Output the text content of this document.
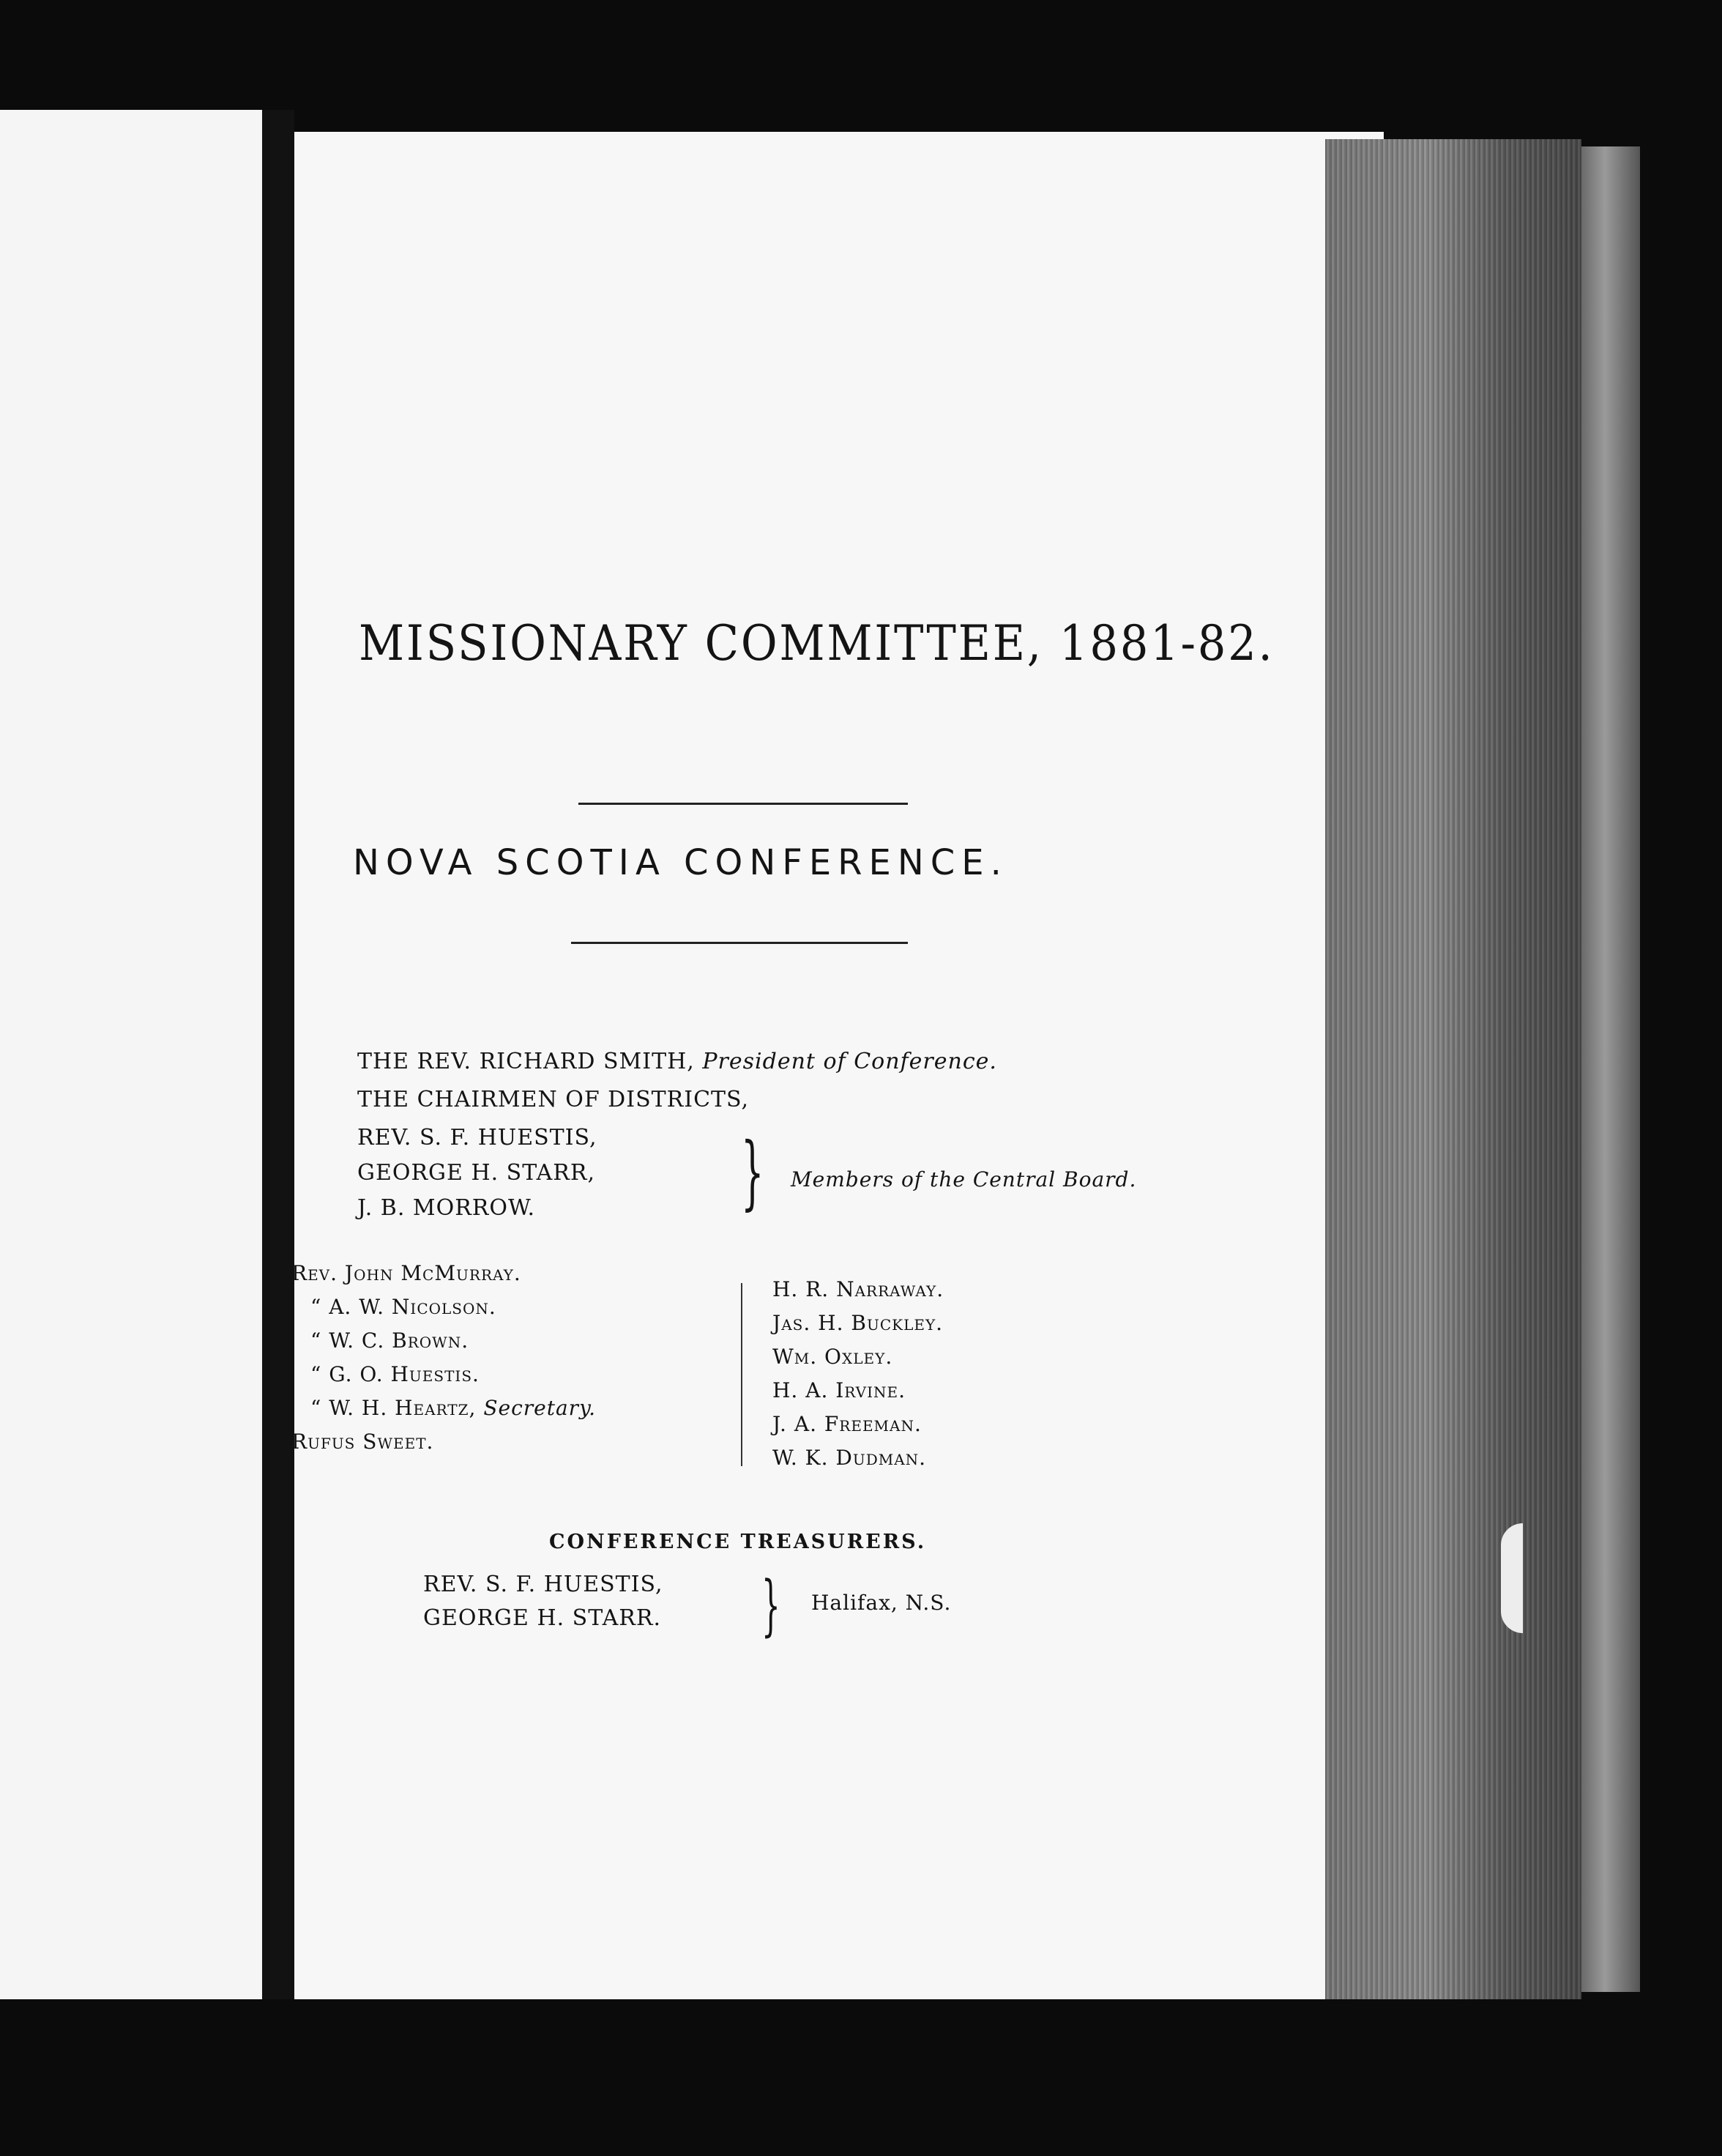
MISSIONARY COMMITTEE, 1881-82.
NOVA SCOTIA CONFERENCE.
THE REV. RICHARD SMITH, President of Conference.
THE CHAIRMEN OF DISTRICTS,
REV. S. F. HUESTIS,
GEORGE H. STARR,
J. B. MORROW.	} Members of the Central Board.
Rev. John McMurray.
“ A. W. Nicolson.
“ W. C. Brown.
“ G. O. Huestis.
“ W. H. Heartz, Secretary.
Rufus Sweet.
H. R. Narraway.
Jas. H. Buckley.
Wm. Oxley.
H. A. Irvine.
J. A. Freeman.
W. K. Dudman.
CONFERENCE TREASURERS.
REV. S. F. HUESTIS,
GEORGE H. STARR. } Halifax, N.S.
